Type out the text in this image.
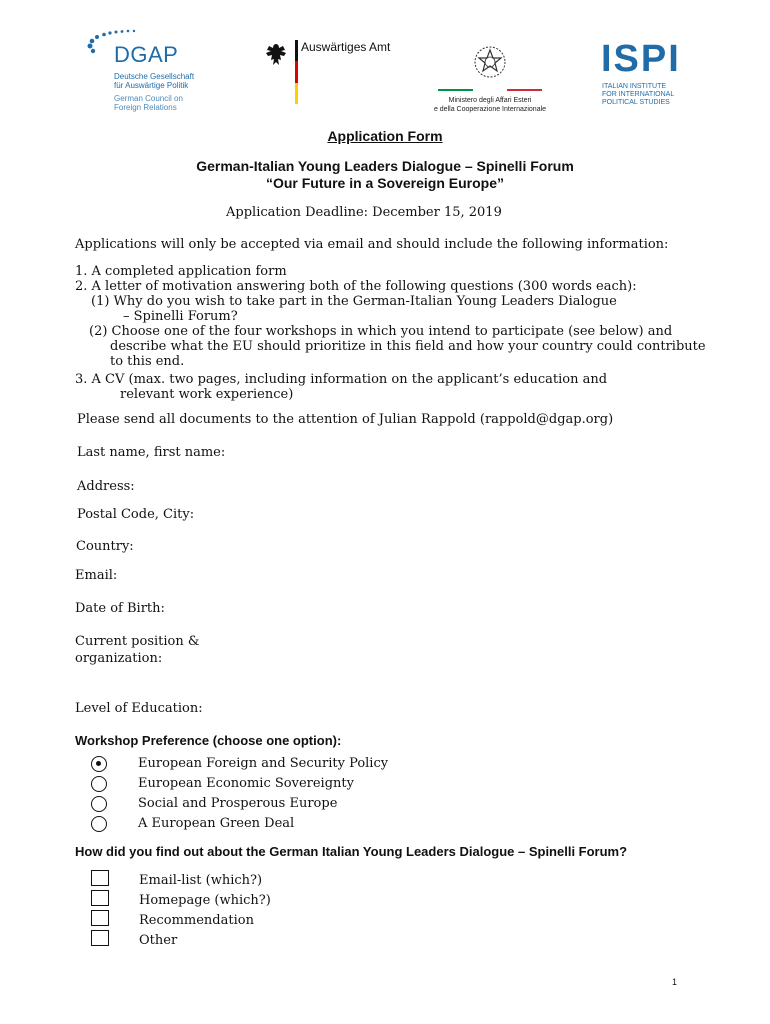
DGAP
Deutsche Gesellschaft
für Auswärtige Politik
German Council on
Foreign Relations
Auswärtiges Amt
Ministero degli Affari Esteri
e della Cooperazione Internazionale
ISPI
ITALIAN INSTITUTE
FOR INTERNATIONAL
POLITICAL STUDIES
Application Form
German-Italian Young Leaders Dialogue – Spinelli Forum
“Our Future in a Sovereign Europe”
Application Deadline: December 15, 2019
Applications will only be accepted via email and should include the following information:
1. A completed application form
2. A letter of motivation answering both of the following questions (300 words each):
(1) Why do you wish to take part in the German-Italian Young Leaders Dialogue
– Spinelli Forum?
(2) Choose one of the four workshops in which you intend to participate (see below) and
describe what the EU should prioritize in this field and how your country could contribute
to this end.
3. A CV (max. two pages, including information on the applicant’s education and
relevant work experience)
Please send all documents to the attention of Julian Rappold (rappold@dgap.org)
Last name, first name:
Address:
Postal Code, City:
Country:
Email:
Date of Birth:
Current position &
organization:
Level of Education:
Workshop Preference (choose one option):
European Foreign and Security Policy
European Economic Sovereignty
Social and Prosperous Europe
A European Green Deal
How did you find out about the German Italian Young Leaders Dialogue – Spinelli Forum?
Email-list (which?)
Homepage (which?)
Recommendation
Other
1
